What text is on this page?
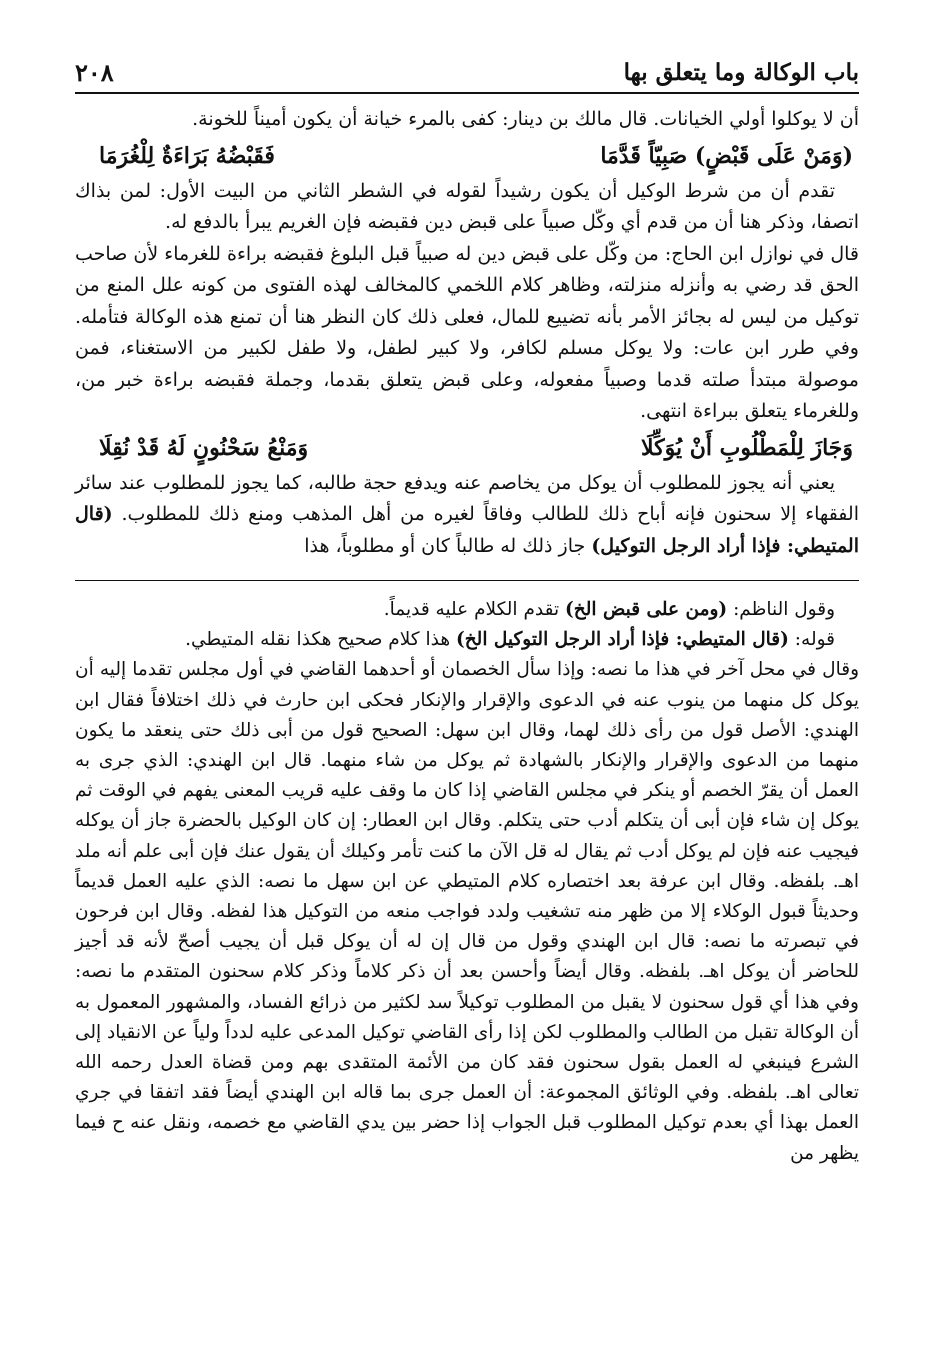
باب الوكالة وما يتعلق بها
٢٠٨

أن لا يوكلوا أولي الخيانات. قال مالك بن دينار: كفى بالمرء خيانة أن يكون أميناً للخونة.

(وَمَنْ عَلَى قَبْضٍ) صَبِيّاً قَدَّمَا
فَقَبْضُهُ بَرَاءَةٌ لِلْغُرَمَا

تقدم أن من شرط الوكيل أن يكون رشيداً لقوله في الشطر الثاني من البيت الأول: لمن بذاك اتصفا، وذكر هنا أن من قدم أي وكّل صبياً على قبض دين فقبضه فإن الغريم يبرأ بالدفع له.

قال في نوازل ابن الحاج: من وكّل على قبض دين له صبياً قبل البلوغ فقبضه براءة للغرماء لأن صاحب الحق قد رضي به وأنزله منزلته، وظاهر كلام اللخمي كالمخالف لهذه الفتوى من كونه علل المنع من توكيل من ليس له بجائز الأمر بأنه تضييع للمال، فعلى ذلك كان النظر هنا أن تمنع هذه الوكالة فتأمله. وفي طرر ابن عات: ولا يوكل مسلم لكافر، ولا كبير لطفل، ولا طفل لكبير من الاستغناء، فمن موصولة مبتدأ صلته قدما وصبياً مفعوله، وعلى قبض يتعلق بقدما، وجملة فقبضه براءة خبر من، وللغرماء يتعلق ببراءة انتهى.

وَجَازَ لِلْمَطْلُوبِ أَنْ يُوَكِّلَا
وَمَنْعُ سَحْنُونٍ لَهُ قَدْ نُقِلَا

يعني أنه يجوز للمطلوب أن يوكل من يخاصم عنه ويدفع حجة طالبه، كما يجوز للمطلوب عند سائر الفقهاء إلا سحنون فإنه أباح ذلك للطالب وفاقاً لغيره من أهل المذهب ومنع ذلك للمطلوب. (قال المتيطي: فإذا أراد الرجل التوكيل) جاز ذلك له طالباً كان أو مطلوباً، هذا

وقول الناظم: (ومن على قبض الخ) تقدم الكلام عليه قديماً.

قوله: (قال المتيطي: فإذا أراد الرجل التوكيل الخ) هذا كلام صحيح هكذا نقله المتيطي.

وقال في محل آخر في هذا ما نصه: وإذا سأل الخصمان أو أحدهما القاضي في أول مجلس تقدما إليه أن يوكل كل منهما من ينوب عنه في الدعوى والإقرار والإنكار فحكى ابن حارث في ذلك اختلافاً فقال ابن الهندي: الأصل قول من رأى ذلك لهما، وقال ابن سهل: الصحيح قول من أبى ذلك حتى ينعقد ما يكون منهما من الدعوى والإقرار والإنكار بالشهادة ثم يوكل من شاء منهما. قال ابن الهندي: الذي جرى به العمل أن يقرّ الخصم أو ينكر في مجلس القاضي إذا كان ما وقف عليه قريب المعنى يفهم في الوقت ثم يوكل إن شاء فإن أبى أن يتكلم أدب حتى يتكلم. وقال ابن العطار: إن كان الوكيل بالحضرة جاز أن يوكله فيجيب عنه فإن لم يوكل أدب ثم يقال له قل الآن ما كنت تأمر وكيلك أن يقول عنك فإن أبى علم أنه ملد اهـ. بلفظه. وقال ابن عرفة بعد اختصاره كلام المتيطي عن ابن سهل ما نصه: الذي عليه العمل قديماً وحديثاً قبول الوكلاء إلا من ظهر منه تشغيب ولدد فواجب منعه من التوكيل هذا لفظه. وقال ابن فرحون في تبصرته ما نصه: قال ابن الهندي وقول من قال إن له أن يوكل قبل أن يجيب أصحّ لأنه قد أجيز للحاضر أن يوكل اهـ. بلفظه. وقال أيضاً وأحسن بعد أن ذكر كلاماً وذكر كلام سحنون المتقدم ما نصه: وفي هذا أي قول سحنون لا يقبل من المطلوب توكيلاً سد لكثير من ذرائع الفساد، والمشهور المعمول به أن الوكالة تقبل من الطالب والمطلوب لكن إذا رأى القاضي توكيل المدعى عليه لدداً ولياً عن الانقياد إلى الشرع فينبغي له العمل بقول سحنون فقد كان من الأئمة المتقدى بهم ومن قضاة العدل رحمه الله تعالى اهـ. بلفظه. وفي الوثائق المجموعة: أن العمل جرى بما قاله ابن الهندي أيضاً فقد اتفقا في جري العمل بهذا أي بعدم توكيل المطلوب قبل الجواب إذا حضر بين يدي القاضي مع خصمه، ونقل عنه ح فيما يظهر من
